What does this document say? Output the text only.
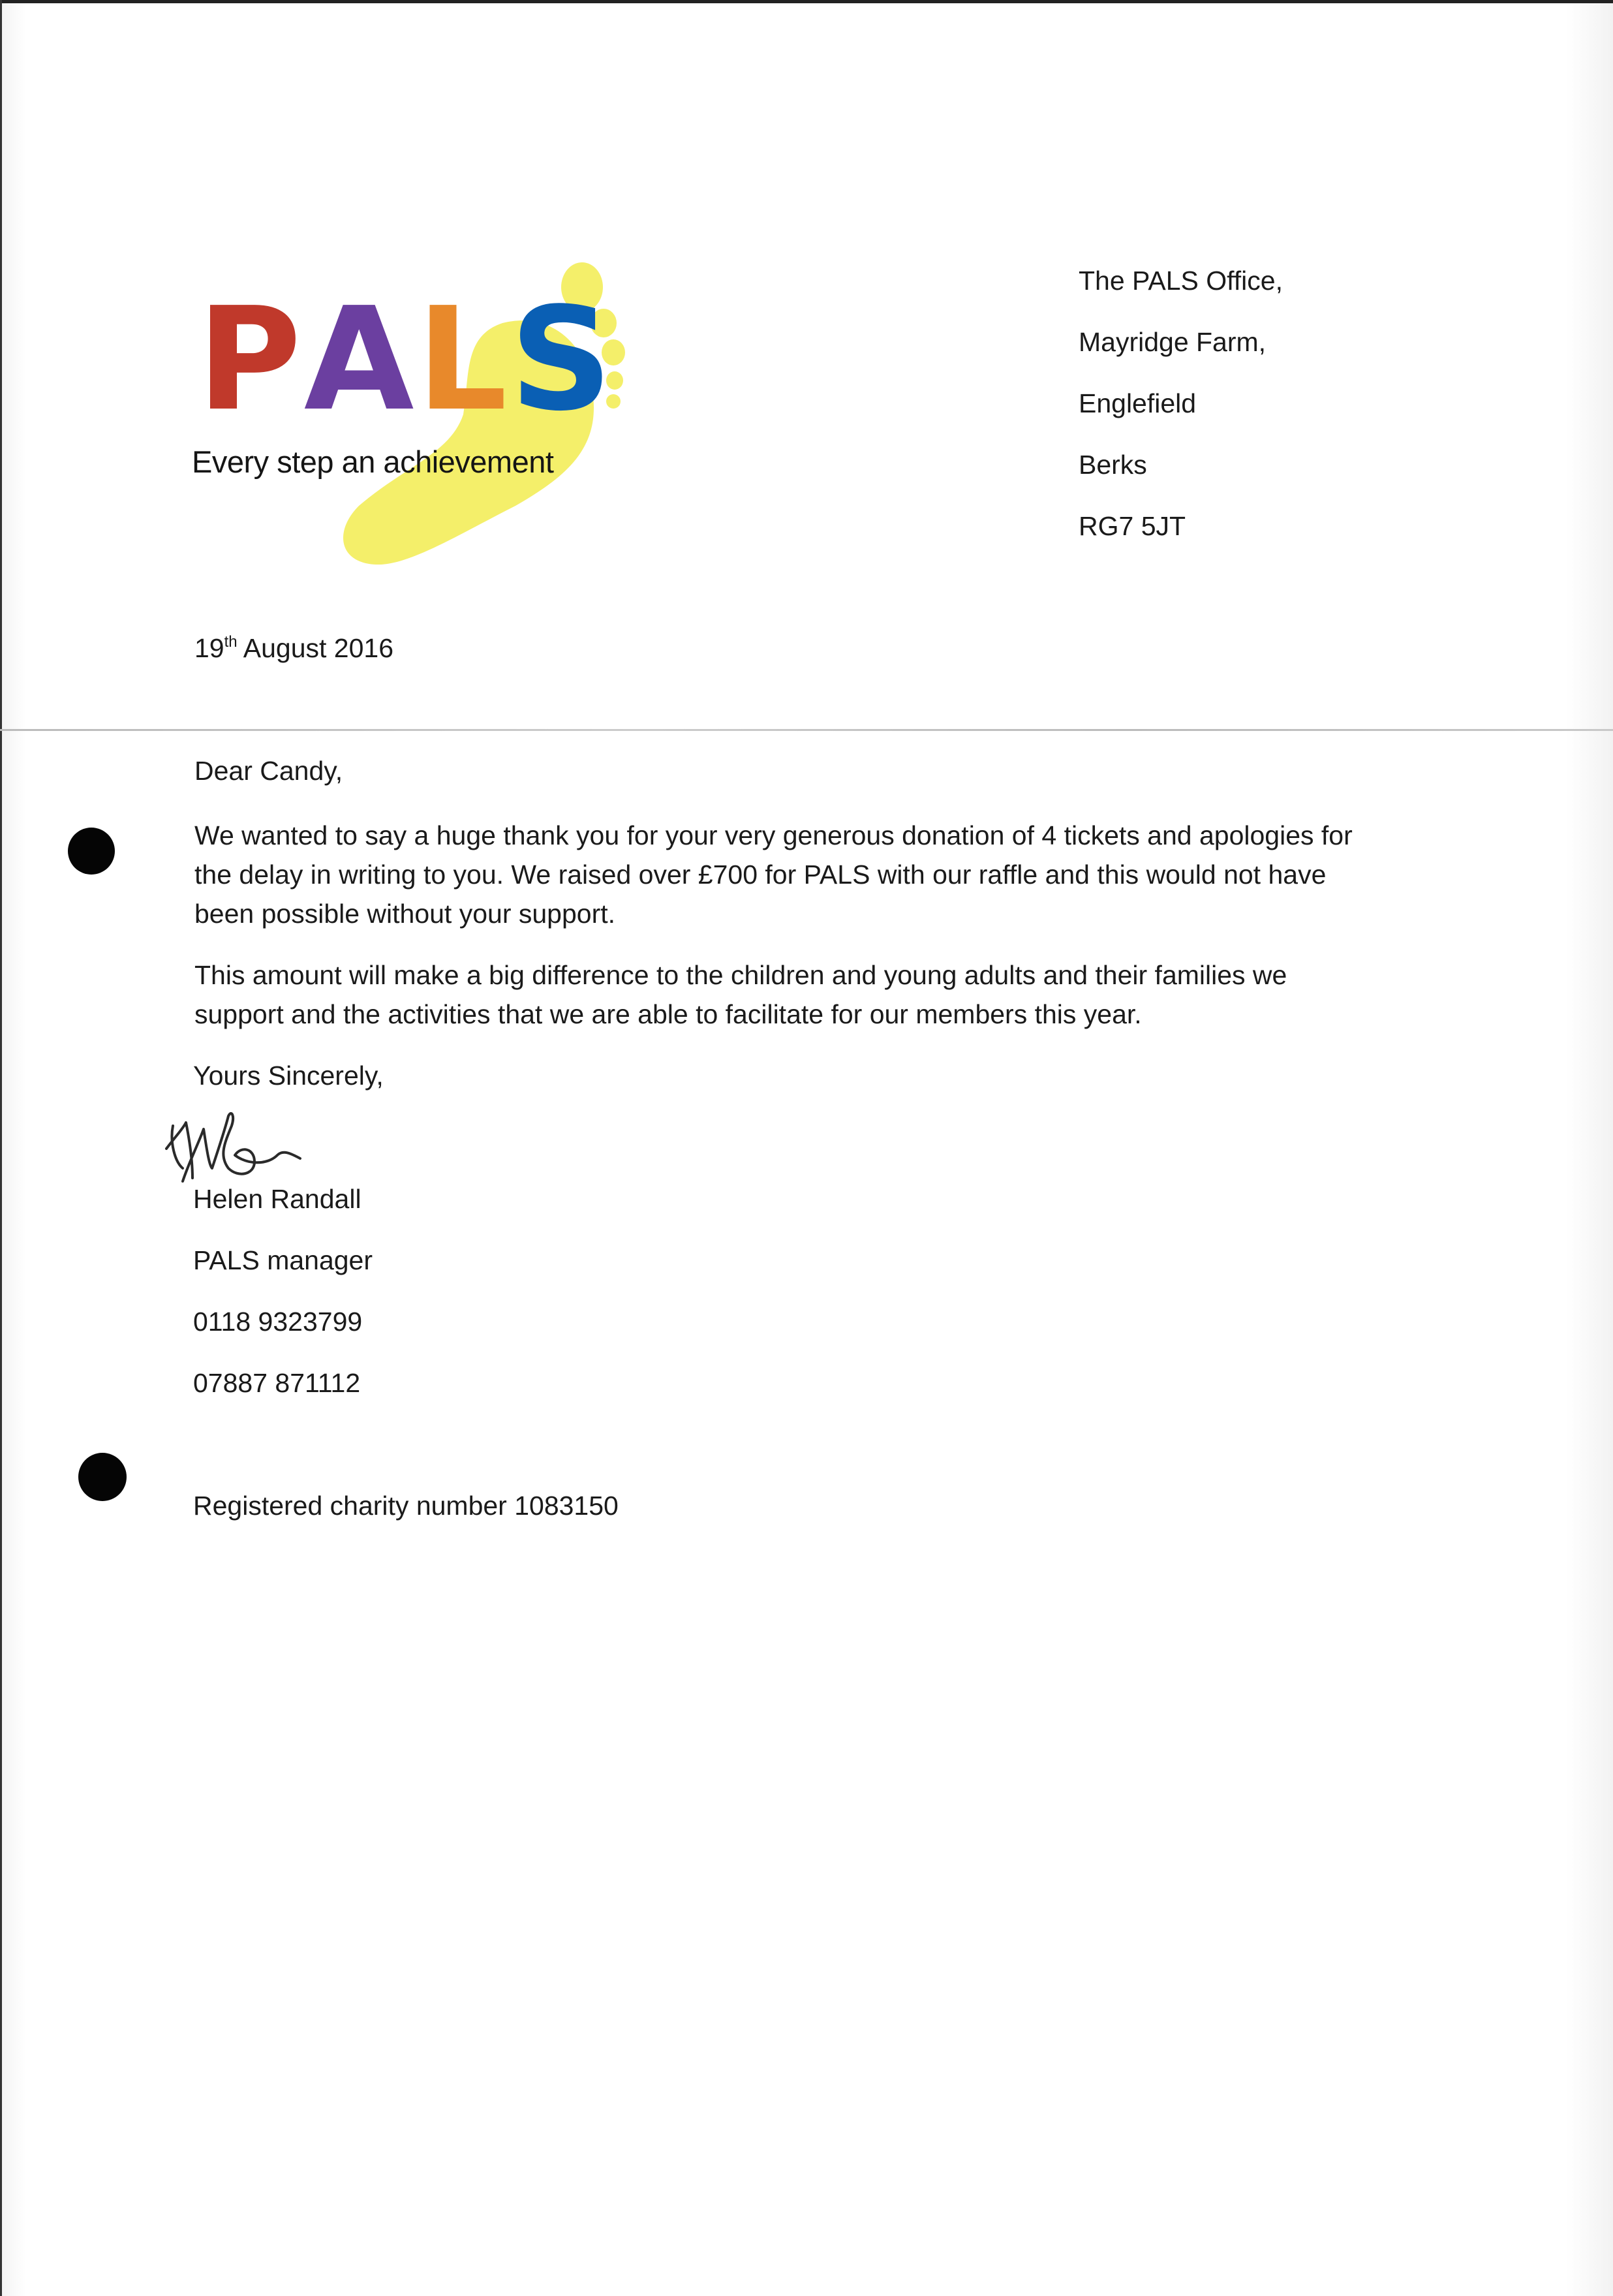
PALS
Every step an achievement
The PALS Office,
Mayridge Farm,
Englefield
Berks
RG7 5JT
19th August 2016
Dear Candy,
We wanted to say a huge thank you for your very generous donation of 4 tickets and apologies for
the delay in writing to you. We raised over £700 for PALS with our raffle and this would not have
been possible without your support.
This amount will make a big difference to the children and young adults and their families we
support and the activities that we are able to facilitate for our members this year.
Yours Sincerely,
Helen Randall
PALS manager
0118 9323799
07887 871112
Registered charity number 1083150
